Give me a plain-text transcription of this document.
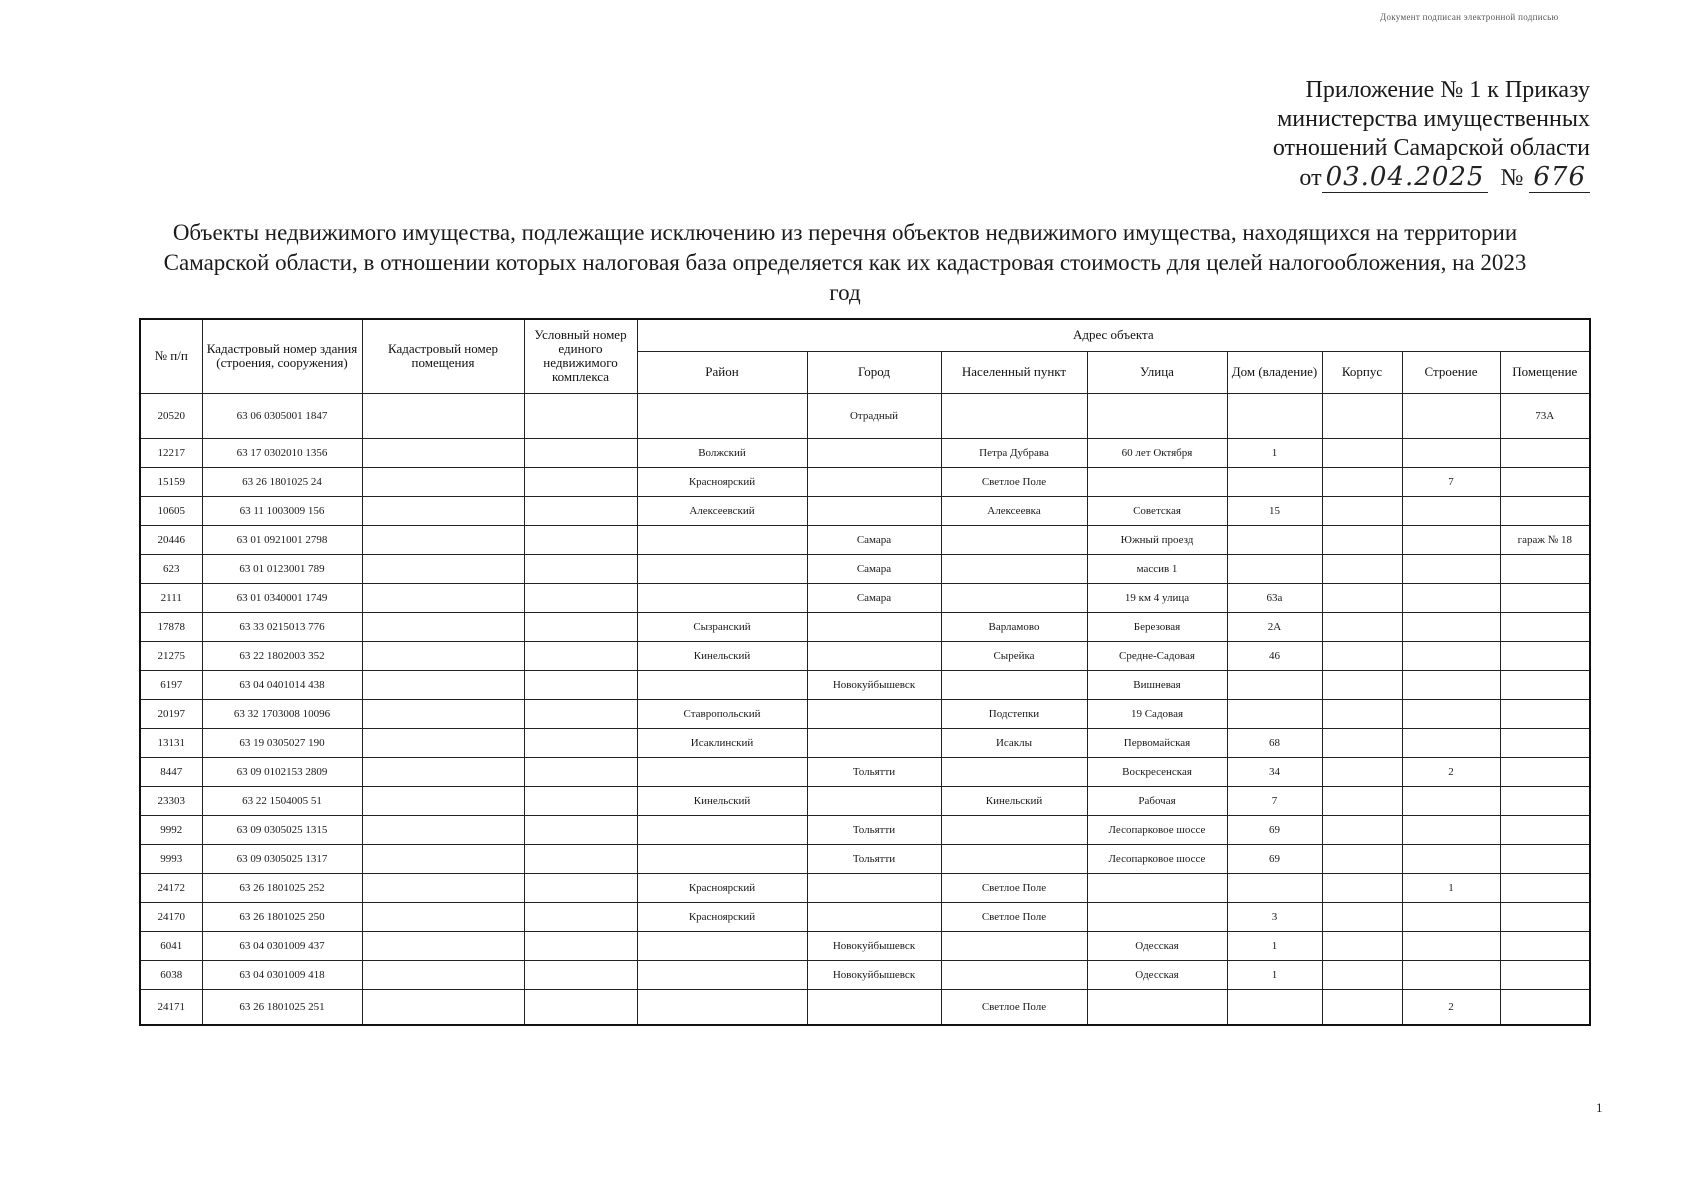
Документ подписан электронной подписью
Приложение № 1 к Приказу
министерства имущественных
отношений Самарской области
от 03.04.2025 № 676
Объекты недвижимого имущества, подлежащие исключению из перечня объектов недвижимого имущества, находящихся на территории Самарской области, в отношении которых налоговая база определяется как их кадастровая стоимость для целей налогообложения, на 2023 год
№ п/п	Кадастровый номер здания (строения, сооружения)	Кадастровый номер помещения	Условный номер единого недвижимого комплекса	Адрес объекта							
				Район	Город	Населенный пункт	Улица	Дом (владение)	Корпус	Строение	Помещение
20520	63 06 0305001 1847				Отрадный						73А
12217	63 17 0302010 1356			Волжский		Петра Дубрава	60 лет Октября	1			
15159	63 26 1801025 24			Красноярский		Светлое Поле				7	
10605	63 11 1003009 156			Алексеевский		Алексеевка	Советская	15			
20446	63 01 0921001 2798				Самара		Южный проезд				гараж № 18
623	63 01 0123001 789				Самара		массив 1				
2111	63 01 0340001 1749				Самара		19 км 4 улица	63а			
17878	63 33 0215013 776			Сызранский		Варламово	Березовая	2А			
21275	63 22 1802003 352			Кинельский		Сырейка	Средне-Садовая	46			
6197	63 04 0401014 438				Новокуйбышевск		Вишневая				
20197	63 32 1703008 10096			Ставропольский		Подстепки	19 Садовая				
13131	63 19 0305027 190			Исаклинский		Исаклы	Первомайская	68			
8447	63 09 0102153 2809				Тольятти		Воскресенская	34		2	
23303	63 22 1504005 51			Кинельский		Кинельский	Рабочая	7			
9992	63 09 0305025 1315				Тольятти		Лесопарковое шоссе	69			
9993	63 09 0305025 1317				Тольятти		Лесопарковое шоссе	69			
24172	63 26 1801025 252			Красноярский		Светлое Поле				1	
24170	63 26 1801025 250			Красноярский		Светлое Поле		3			
6041	63 04 0301009 437				Новокуйбышевск		Одесская	1			
6038	63 04 0301009 418				Новокуйбышевск		Одесская	1			
24171	63 26 1801025 251					Светлое Поле				2	
1
